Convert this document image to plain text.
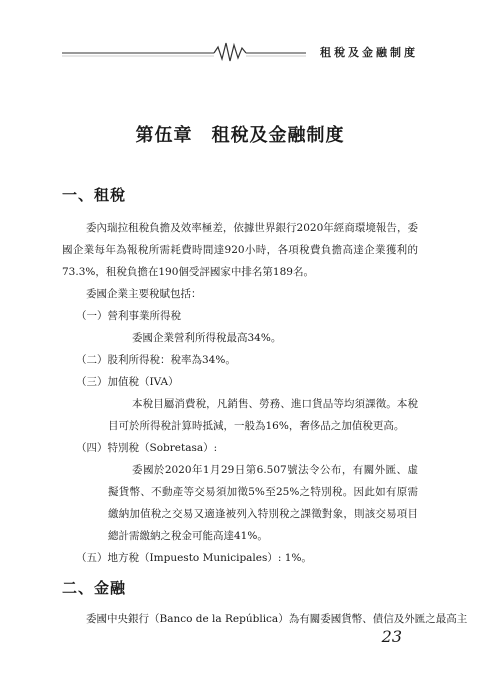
租稅及金融制度
第伍章　租稅及金融制度
一、租稅
委內瑞拉租稅負擔及效率極差，依據世界銀行2020年經商環境報告，委國企業每年為報稅所需耗費時間達920小時，各項稅費負擔高達企業獲利的73.3%，租稅負擔在190個受評國家中排名第189名。
委國企業主要稅賦包括：
（一）營利事業所得稅
委國企業營利所得稅最高34%。
（二）股利所得稅：稅率為34%。
（三）加值稅（IVA）
本稅目屬消費稅，凡銷售、勞務、進口貨品等均須課徵。本稅目可於所得稅計算時抵減，一般為16%，奢侈品之加值稅更高。
（四）特別稅（Sobretasa）:
委國於2020年1月29日第6.507號法令公布，有關外匯、虛擬貨幣、不動產等交易須加徵5%至25%之特別稅。因此如有原需繳納加值稅之交易又適逢被列入特別稅之課徵對象，則該交易項目總計需繳納之稅金可能高達41%。
（五）地方稅（Impuesto Municipales）: 1%。
二、金融
委國中央銀行（Banco de la República）為有關委國貨幣、債信及外匯之最高主
23
